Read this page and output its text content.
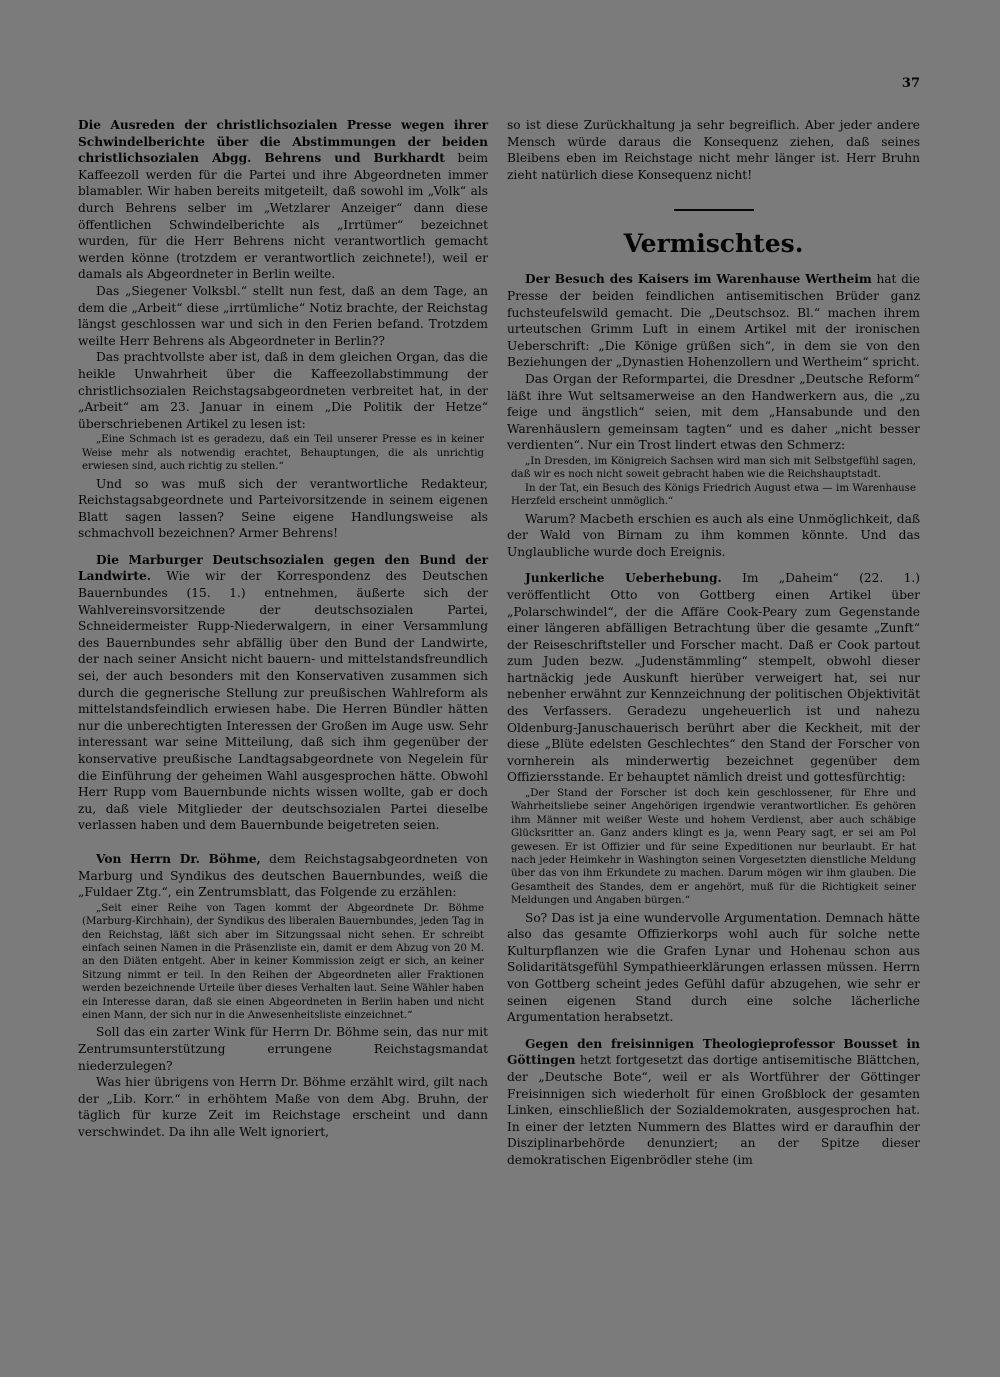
37

Die Ausreden der christlichsozialen Presse wegen ihrer Schwindelberichte über die Abstimmungen der beiden christlichsozialen Abgg. Behrens und Burkhardt beim Kaffeezoll werden für die Partei und ihre Abgeordneten immer blamabler. Wir haben bereits mitgeteilt, daß sowohl im „Volk“ als durch Behrens selber im „Wetzlarer Anzeiger“ dann diese öffentlichen Schwindelberichte als „Irrtümer“ bezeichnet wurden, für die Herr Behrens nicht verantwortlich gemacht werden könne (trotzdem er verantwortlich zeichnete!), weil er damals als Abgeordneter in Berlin weilte.

Das „Siegener Volksbl.“ stellt nun fest, daß an dem Tage, an dem die „Arbeit“ diese „irrtümliche“ Notiz brachte, der Reichstag längst geschlossen war und sich in den Ferien befand. Trotzdem weilte Herr Behrens als Abgeordneter in Berlin??

Das prachtvollste aber ist, daß in dem gleichen Organ, das die heikle Unwahrheit über die Kaffeezollabstimmung der christlichsozialen Reichstagsabgeordneten verbreitet hat, in der „Arbeit“ am 23. Januar in einem „Die Politik der Hetze“ überschriebenen Artikel zu lesen ist:

„Eine Schmach ist es geradezu, daß ein Teil unserer Presse es in keiner Weise mehr als notwendig erachtet, Behauptungen, die als unrichtig erwiesen sind, auch richtig zu stellen.“

Und so was muß sich der verantwortliche Redakteur, Reichstagsabgeordnete und Parteivorsitzende in seinem eigenen Blatt sagen lassen? Seine eigene Handlungsweise als schmachvoll bezeichnen? Armer Behrens!

Die Marburger Deutschsozialen gegen den Bund der Landwirte. Wie wir der Korrespondenz des Deutschen Bauernbundes (15. 1.) entnehmen, äußerte sich der Wahlvereinsvorsitzende der deutschsozialen Partei, Schneidermeister Rupp-Niederwalgern, in einer Versammlung des Bauernbundes sehr abfällig über den Bund der Landwirte, der nach seiner Ansicht nicht bauern- und mittelstandsfreundlich sei, der auch besonders mit den Konservativen zusammen sich durch die gegnerische Stellung zur preußischen Wahlreform als mittelstandsfeindlich erwiesen habe. Die Herren Bündler hätten nur die unberechtigten Interessen der Großen im Auge usw. Sehr interessant war seine Mitteilung, daß sich ihm gegenüber der konservative preußische Landtagsabgeordnete von Negelein für die Einführung der geheimen Wahl ausgesprochen hätte. Obwohl Herr Rupp vom Bauernbunde nichts wissen wollte, gab er doch zu, daß viele Mitglieder der deutschsozialen Partei dieselbe verlassen haben und dem Bauernbunde beigetreten seien.

Von Herrn Dr. Böhme, dem Reichstagsabgeordneten von Marburg und Syndikus des deutschen Bauernbundes, weiß die „Fuldaer Ztg.“, ein Zentrumsblatt, das Folgende zu erzählen:

„Seit einer Reihe von Tagen kommt der Abgeordnete Dr. Böhme (Marburg-Kirchhain), der Syndikus des liberalen Bauernbundes, jeden Tag in den Reichstag, läßt sich aber im Sitzungssaal nicht sehen. Er schreibt einfach seinen Namen in die Präsenzliste ein, damit er dem Abzug von 20 M. an den Diäten entgeht. Aber in keiner Kommission zeigt er sich, an keiner Sitzung nimmt er teil. In den Reihen der Abgeordneten aller Fraktionen werden bezeichnende Urteile über dieses Verhalten laut. Seine Wähler haben ein Interesse daran, daß sie einen Abgeordneten in Berlin haben und nicht einen Mann, der sich nur in die Anwesenheitsliste einzeichnet.“

Soll das ein zarter Wink für Herrn Dr. Böhme sein, das nur mit Zentrumsunterstützung errungene Reichstagsmandat niederzulegen?

Was hier übrigens von Herrn Dr. Böhme erzählt wird, gilt nach der „Lib. Korr.“ in erhöhtem Maße von dem Abg. Bruhn, der täglich für kurze Zeit im Reichstage erscheint und dann verschwindet. Da ihn alle Welt ignoriert,

so ist diese Zurückhaltung ja sehr begreiflich. Aber jeder andere Mensch würde daraus die Konsequenz ziehen, daß seines Bleibens eben im Reichstage nicht mehr länger ist. Herr Bruhn zieht natürlich diese Konsequenz nicht!

Vermischtes.

Der Besuch des Kaisers im Warenhause Wertheim hat die Presse der beiden feindlichen antisemitischen Brüder ganz fuchsteufelswild gemacht. Die „Deutschsoz. Bl.“ machen ihrem urteutschen Grimm Luft in einem Artikel mit der ironischen Ueberschrift: „Die Könige grüßen sich“, in dem sie von den Beziehungen der „Dynastien Hohenzollern und Wertheim“ spricht.

Das Organ der Reformpartei, die Dresdner „Deutsche Reform“ läßt ihre Wut seltsamerweise an den Handwerkern aus, die „zu feige und ängstlich“ seien, mit dem „Hansabunde und den Warenhäuslern gemeinsam tagten“ und es daher „nicht besser verdienten“. Nur ein Trost lindert etwas den Schmerz:

„In Dresden, im Königreich Sachsen wird man sich mit Selbstgefühl sagen, daß wir es noch nicht soweit gebracht haben wie die Reichshauptstadt.

In der Tat, ein Besuch des Königs Friedrich August etwa — im Warenhause Herzfeld erscheint unmöglich.“

Warum? Macbeth erschien es auch als eine Unmöglichkeit, daß der Wald von Birnam zu ihm kommen könnte. Und das Unglaubliche wurde doch Ereignis.

Junkerliche Ueberhebung. Im „Daheim“ (22. 1.) veröffentlicht Otto von Gottberg einen Artikel über „Polarschwindel“, der die Affäre Cook-Peary zum Gegenstande einer längeren abfälligen Betrachtung über die gesamte „Zunft“ der Reiseschriftsteller und Forscher macht. Daß er Cook partout zum Juden bezw. „Judenstämmling“ stempelt, obwohl dieser hartnäckig jede Auskunft hierüber verweigert hat, sei nur nebenher erwähnt zur Kennzeichnung der politischen Objektivität des Verfassers. Geradezu ungeheuerlich ist und nahezu Oldenburg-Januschauerisch berührt aber die Keckheit, mit der diese „Blüte edelsten Geschlechtes“ den Stand der Forscher von vornherein als minderwertig bezeichnet gegenüber dem Offiziersstande. Er behauptet nämlich dreist und gottesfürchtig:

„Der Stand der Forscher ist doch kein geschlossener, für Ehre und Wahrheitsliebe seiner Angehörigen irgendwie verantwortlicher. Es gehören ihm Männer mit weißer Weste und hohem Verdienst, aber auch schäbige Glücksritter an. Ganz anders klingt es ja, wenn Peary sagt, er sei am Pol gewesen. Er ist Offizier und für seine Expeditionen nur beurlaubt. Er hat nach jeder Heimkehr in Washington seinen Vorgesetzten dienstliche Meldung über das von ihm Erkundete zu machen. Darum mögen wir ihm glauben. Die Gesamtheit des Standes, dem er angehört, muß für die Richtigkeit seiner Meldungen und Angaben bürgen.“

So? Das ist ja eine wundervolle Argumentation. Demnach hätte also das gesamte Offizierkorps wohl auch für solche nette Kulturpflanzen wie die Grafen Lynar und Hohenau schon aus Solidaritätsgefühl Sympathieerklärungen erlassen müssen. Herrn von Gottberg scheint jedes Gefühl dafür abzugehen, wie sehr er seinen eigenen Stand durch eine solche lächerliche Argumentation herabsetzt.

Gegen den freisinnigen Theologieprofessor Bousset in Göttingen hetzt fortgesetzt das dortige antisemitische Blättchen, der „Deutsche Bote“, weil er als Wortführer der Göttinger Freisinnigen sich wiederholt für einen Großblock der gesamten Linken, einschließlich der Sozialdemokraten, ausgesprochen hat. In einer der letzten Nummern des Blattes wird er daraufhin der Disziplinarbehörde denunziert; an der Spitze dieser demokratischen Eigenbrödler stehe (im
